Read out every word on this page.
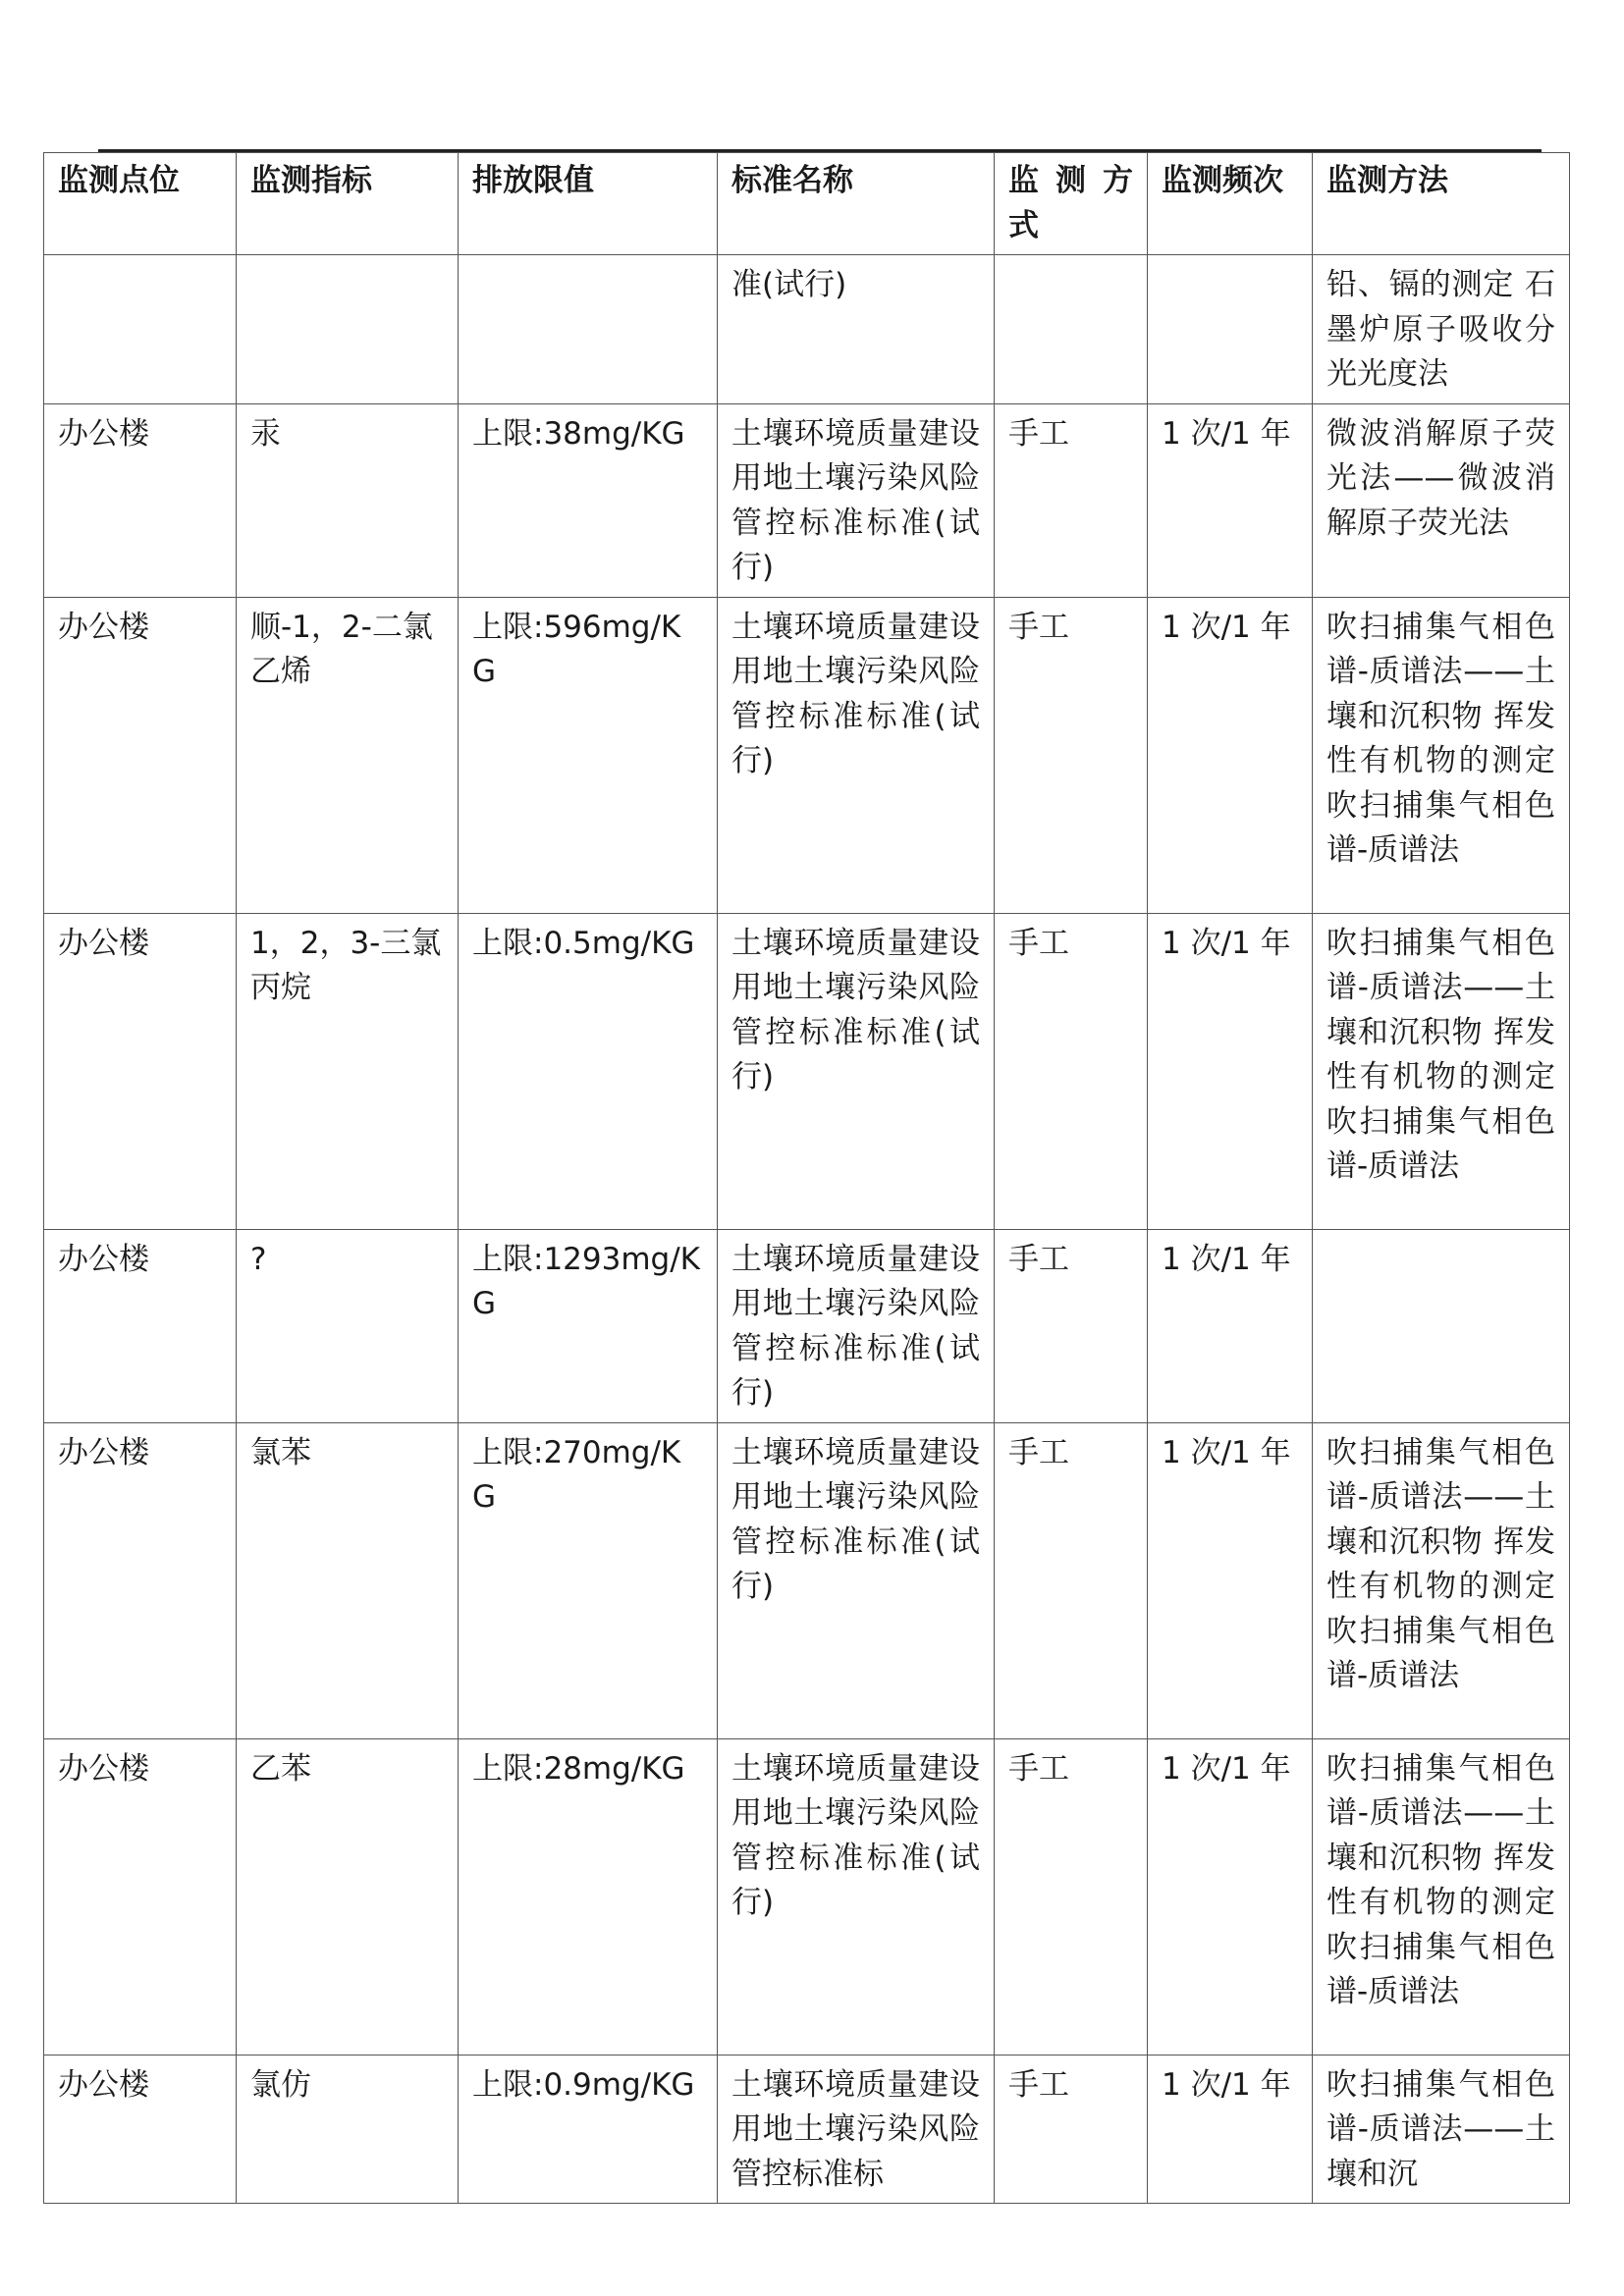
监测点位	监测指标	排放限值	标准名称	监 测 方 式	监测频次	监测方法
			准(试行)			铅、镉的测定 石墨炉原子吸收分光光度法
办公楼	汞	上限:38mg/KG	土壤环境质量建设用地土壤污染风险管控标准标准(试行)	手工	1 次/1 年	微波消解原子荧光法——微波消解原子荧光法
办公楼	顺-1，2-二氯乙烯	上限:596mg/KG	土壤环境质量建设用地土壤污染风险管控标准标准(试行)	手工	1 次/1 年	吹扫捕集气相色谱-质谱法——土壤和沉积物 挥发性有机物的测定 吹扫捕集气相色谱-质谱法
办公楼	1，2，3-三氯丙烷	上限:0.5mg/KG	土壤环境质量建设用地土壤污染风险管控标准标准(试行)	手工	1 次/1 年	吹扫捕集气相色谱-质谱法——土壤和沉积物 挥发性有机物的测定 吹扫捕集气相色谱-质谱法
办公楼	?	上限:1293mg/KG	土壤环境质量建设用地土壤污染风险管控标准标准(试行)	手工	1 次/1 年	
办公楼	氯苯	上限:270mg/KG	土壤环境质量建设用地土壤污染风险管控标准标准(试行)	手工	1 次/1 年	吹扫捕集气相色谱-质谱法——土壤和沉积物 挥发性有机物的测定 吹扫捕集气相色谱-质谱法
办公楼	乙苯	上限:28mg/KG	土壤环境质量建设用地土壤污染风险管控标准标准(试行)	手工	1 次/1 年	吹扫捕集气相色谱-质谱法——土壤和沉积物 挥发性有机物的测定 吹扫捕集气相色谱-质谱法
办公楼	氯仿	上限:0.9mg/KG	土壤环境质量建设用地土壤污染风险管控标准标	手工	1 次/1 年	吹扫捕集气相色谱-质谱法——土壤和沉
